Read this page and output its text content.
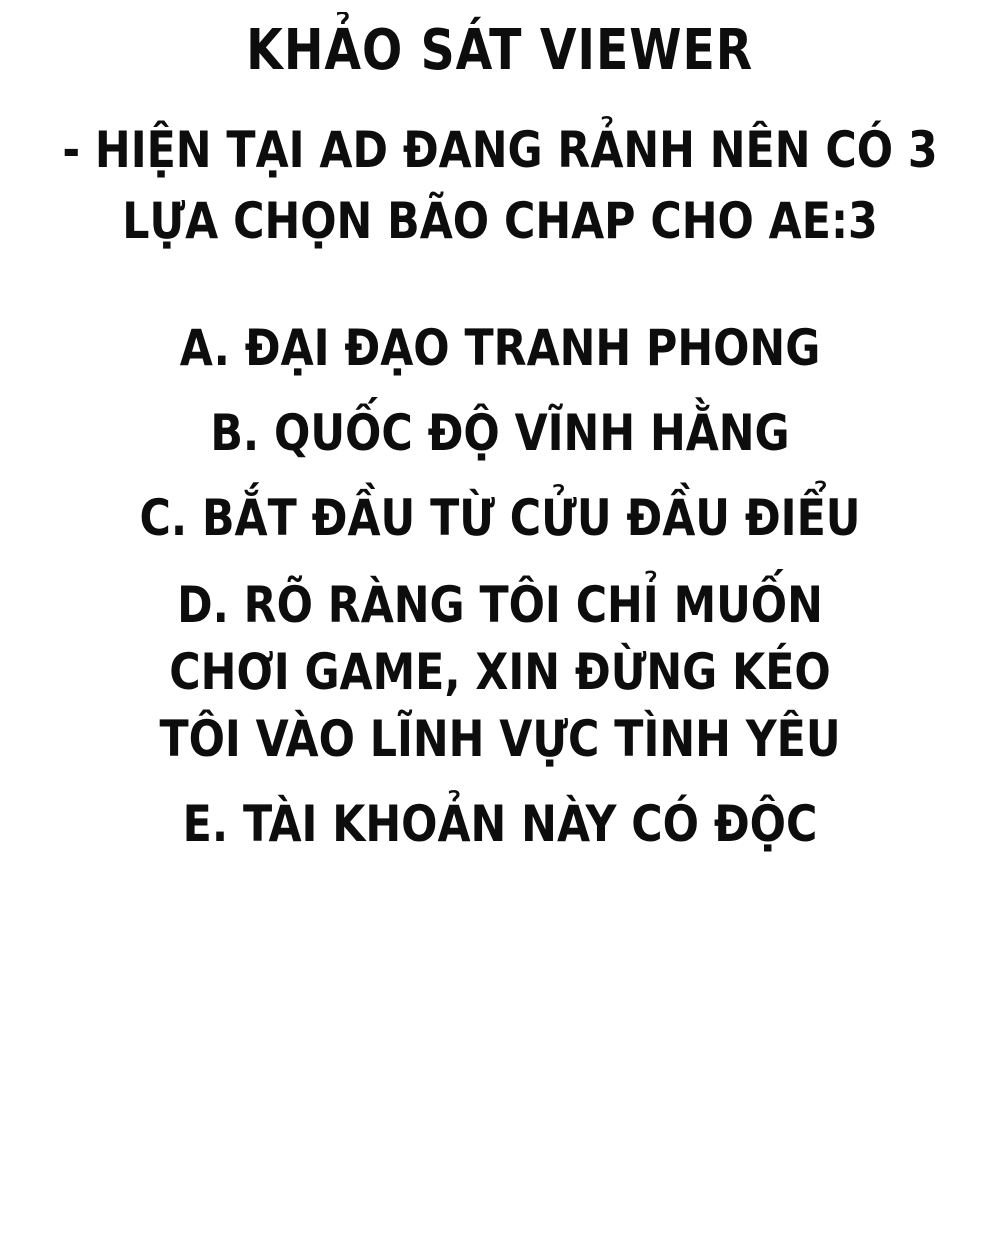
KHẢO SÁT VIEWER
- HIỆN TẠI AD ĐANG RẢNH NÊN CÓ 3
LỰA CHỌN BÃO CHAP CHO AE:3
A. ĐẠI ĐẠO TRANH PHONG
B. QUỐC ĐỘ VĨNH HẰNG
C. BẮT ĐẦU TỪ CỬU ĐẦU ĐIỂU
D. RÕ RÀNG TÔI CHỈ MUỐN
CHƠI GAME, XIN ĐỪNG KÉO
TÔI VÀO LĨNH VỰC TÌNH YÊU
E. TÀI KHOẢN NÀY CÓ ĐỘC
